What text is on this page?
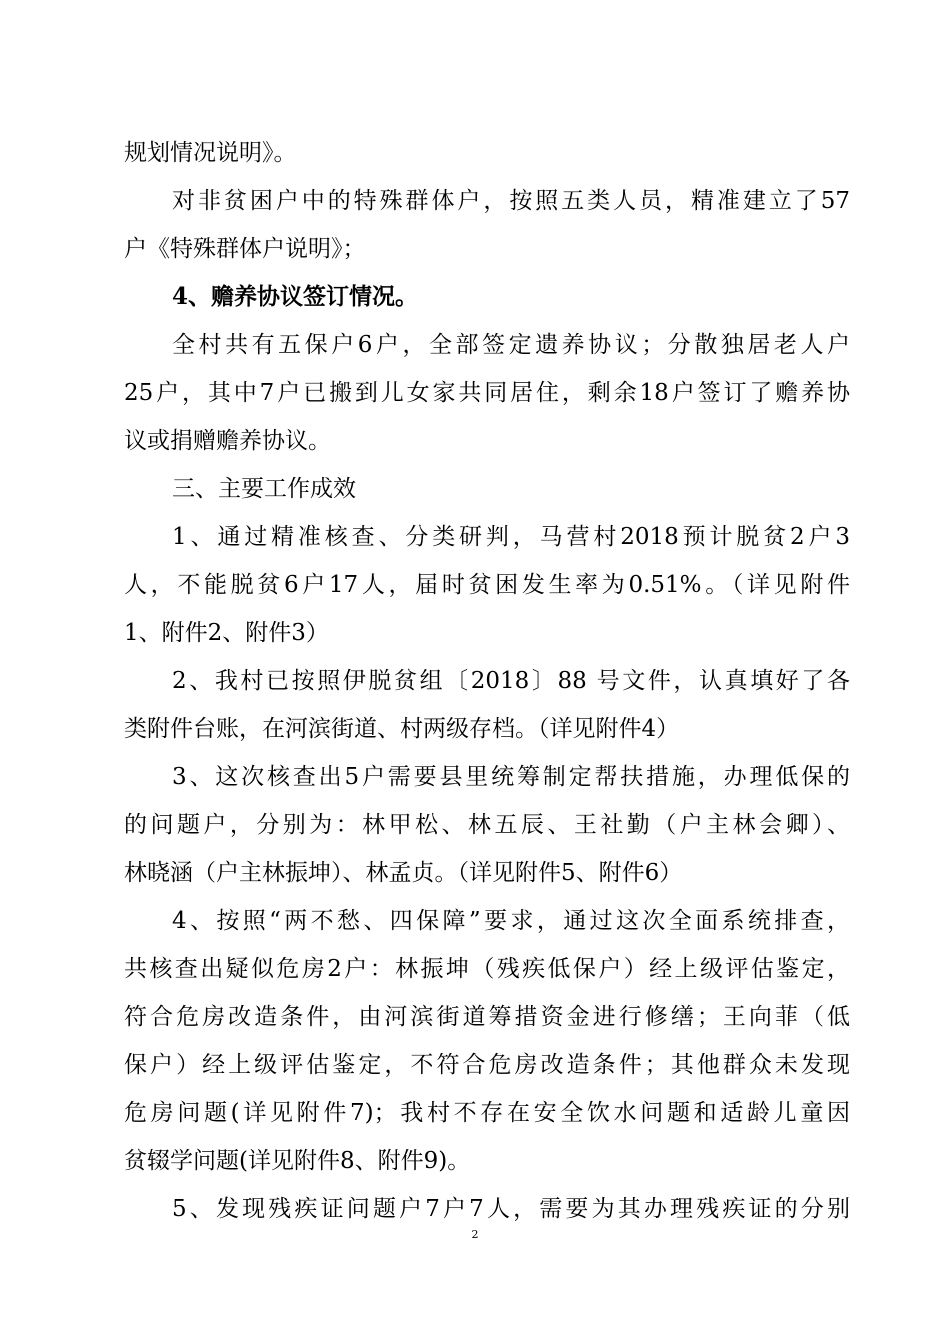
规划情况说明》。
对非贫困户中的特殊群体户，按照五类人员，精准建立了57
户《特殊群体户说明》；
4、赡养协议签订情况。
全村共有五保户6户，全部签定遗养协议；分散独居老人户
25户，其中7户已搬到儿女家共同居住，剩余18户签订了赡养协
议或捐赠赡养协议。
三、主要工作成效
1、通过精准核查、分类研判，马营村2018预计脱贫2户3
人，不能脱贫6户17人，届时贫困发生率为0.51%。（详见附件
1、附件2、附件3）
2、我村已按照伊脱贫组〔2018〕88 号文件，认真填好了各
类附件台账，在河滨街道、村两级存档。（详见附件4）
3、这次核查出5户需要县里统筹制定帮扶措施，办理低保的
的问题户，分别为：林甲松、林五辰、王社勤（户主林会卿）、
林晓涵（户主林振坤）、林孟贞。（详见附件5、附件6）
4、按照“两不愁、四保障”要求，通过这次全面系统排查，
共核查出疑似危房2户：林振坤（残疾低保户）经上级评估鉴定，
符合危房改造条件，由河滨街道筹措资金进行修缮；王向菲（低
保户）经上级评估鉴定，不符合危房改造条件；其他群众未发现
危房问题(详见附件7)；我村不存在安全饮水问题和适龄儿童因
贫辍学问题(详见附件8、附件9)。
5、发现残疾证问题户7户7人，需要为其办理残疾证的分别
2
